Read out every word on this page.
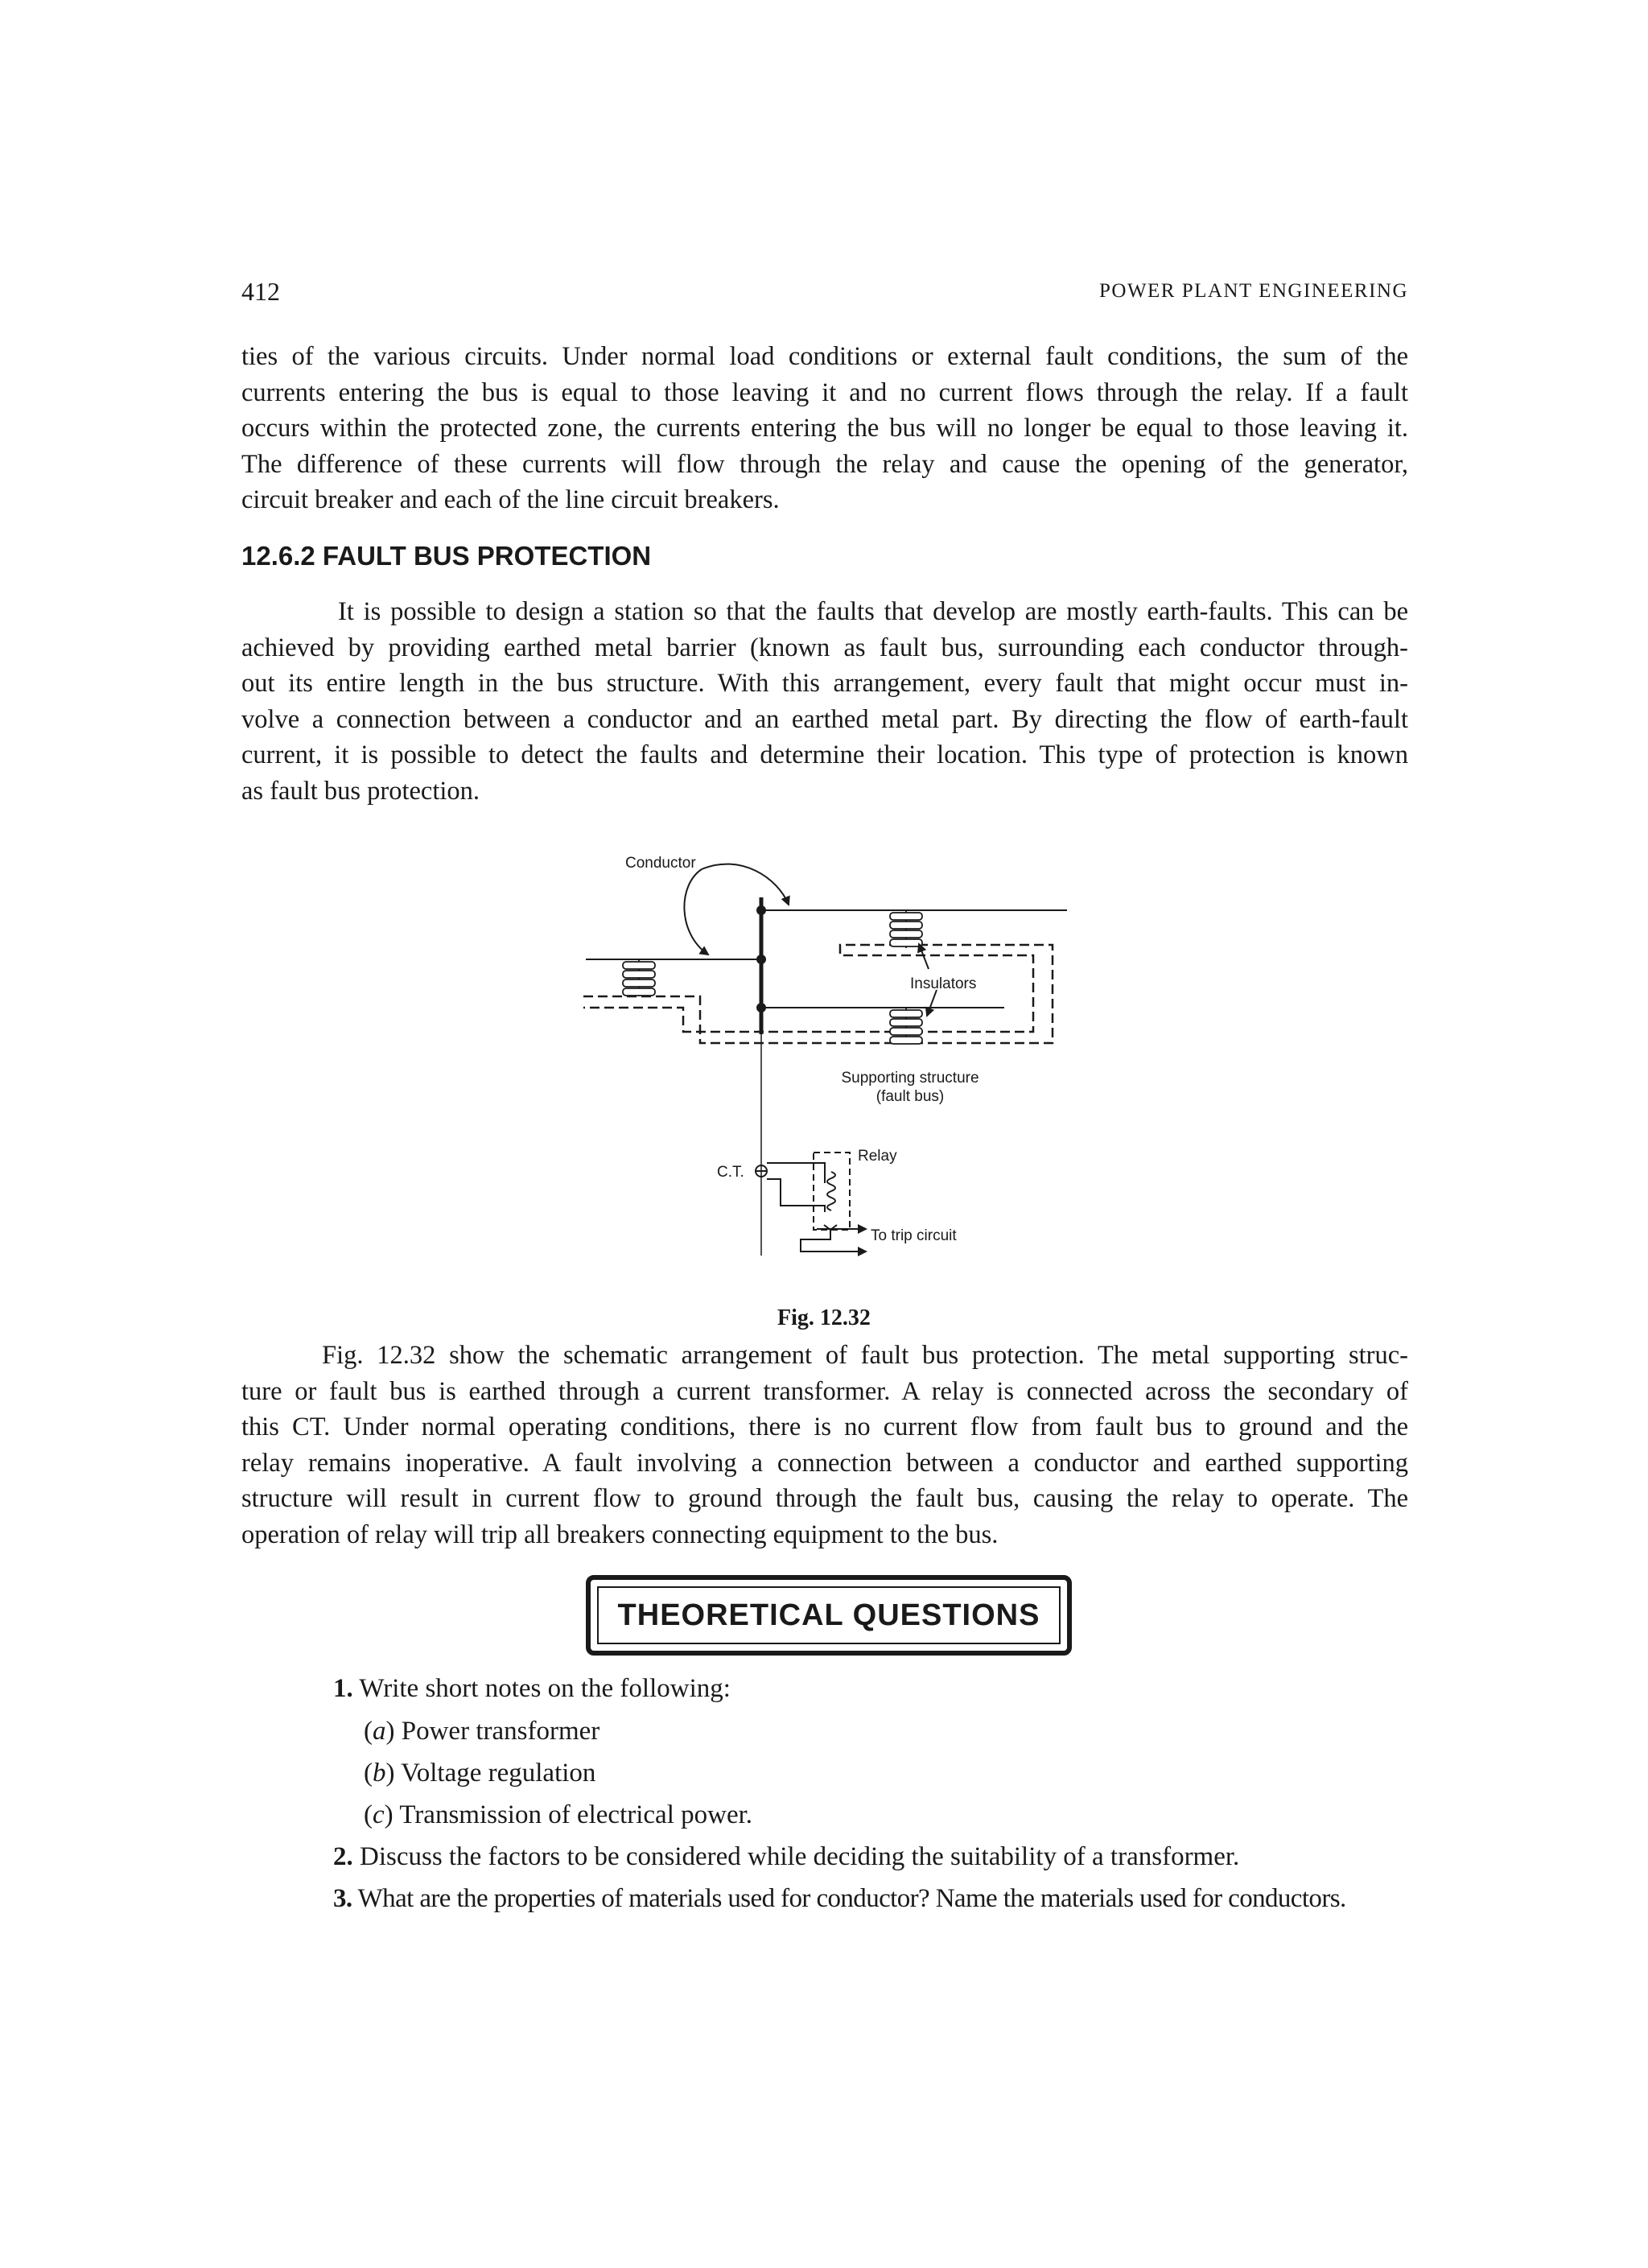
412	POWER PLANT ENGINEERING
ties of the various circuits. Under normal load conditions or external fault conditions, the sum of the
currents entering the bus is equal to those leaving it and no current flows through the relay. If a fault
occurs within the protected zone, the currents entering the bus will no longer be equal to those leaving it.
The difference of these currents will flow through the relay and cause the opening of the generator,
circuit breaker and each of the line circuit breakers.
12.6.2 FAULT BUS PROTECTION
It is possible to design a station so that the faults that develop are mostly earth-faults. This can be
achieved by providing earthed metal barrier (known as fault bus, surrounding each conductor through-
out its entire length in the bus structure. With this arrangement, every fault that might occur must in-
volve a connection between a conductor and an earthed metal part. By directing the flow of earth-fault
current, it is possible to detect the faults and determine their location. This type of protection is known
as fault bus protection.
Conductor
Insulators
Supporting structure
(fault bus)
C.T.
Relay
To trip circuit
Fig. 12.32
Fig. 12.32 show the schematic arrangement of fault bus protection. The metal supporting struc-
ture or fault bus is earthed through a current transformer. A relay is connected across the secondary of
this CT. Under normal operating conditions, there is no current flow from fault bus to ground and the
relay remains inoperative. A fault involving a connection between a conductor and earthed supporting
structure will result in current flow to ground through the fault bus, causing the relay to operate. The
operation of relay will trip all breakers connecting equipment to the bus.
THEORETICAL QUESTIONS
1. Write short notes on the following:
(a) Power transformer
(b) Voltage regulation
(c) Transmission of electrical power.
2. Discuss the factors to be considered while deciding the suitability of a transformer.
3. What are the properties of materials used for conductor? Name the materials used for conductors.
